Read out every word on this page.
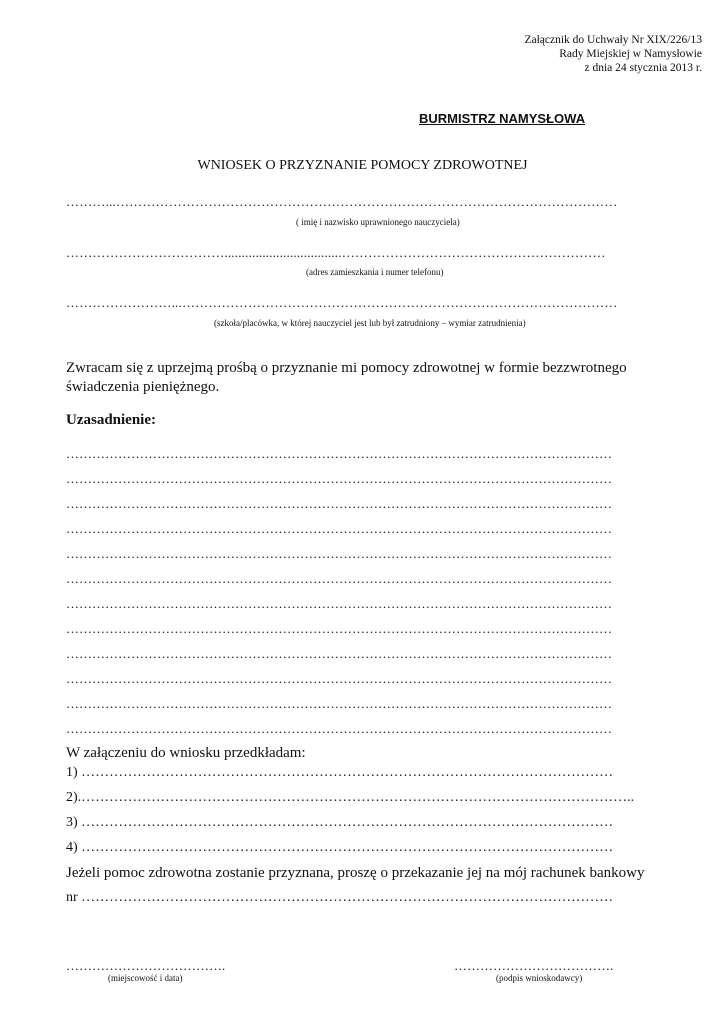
Załącznik do Uchwały Nr XIX/226/13
Rady Miejskiej w Namysłowie
z dnia 24 stycznia 2013 r.
BURMISTRZ NAMYSŁOWA
WNIOSEK O PRZYZNANIE POMOCY ZDROWOTNEJ
………...……………………………………………………………………………………………………
( imię i nazwisko uprawnionego nauczyciela)
………………………………..................................……………………………………………………
(adres zamieszkania i numer telefonu)
……………………...………………………………………………………………………………………
(szkoła/placówka, w której nauczyciel jest lub był zatrudniony – wymiar zatrudnienia)
Zwracam się z uprzejmą prośbą o przyznanie mi pomocy zdrowotnej w formie bezzwrotnego świadczenia pieniężnego.
Uzasadnienie:
………………………………………………………………………………………………………………
………………………………………………………………………………………………………………
………………………………………………………………………………………………………………
………………………………………………………………………………………………………………
………………………………………………………………………………………………………………
………………………………………………………………………………………………………………
………………………………………………………………………………………………………………
………………………………………………………………………………………………………………
………………………………………………………………………………………………………………
………………………………………………………………………………………………………………
………………………………………………………………………………………………………………
………………………………………………………………………………………………………………
W załączeniu do wniosku przedkładam:
1) ……………………………………………………………………………………………………
2).………………………………………………………………………………………………………..
3) ……………………………………………………………………………………………………
4) ……………………………………………………………………………………………………
Jeżeli pomoc zdrowotna zostanie przyznana, proszę o przekazanie jej na mój rachunek bankowy
nr ……………………………………………………………………………………………………
……………………………….
(miejscowość i data)
……………………………….
(podpis wnioskodawcy)
